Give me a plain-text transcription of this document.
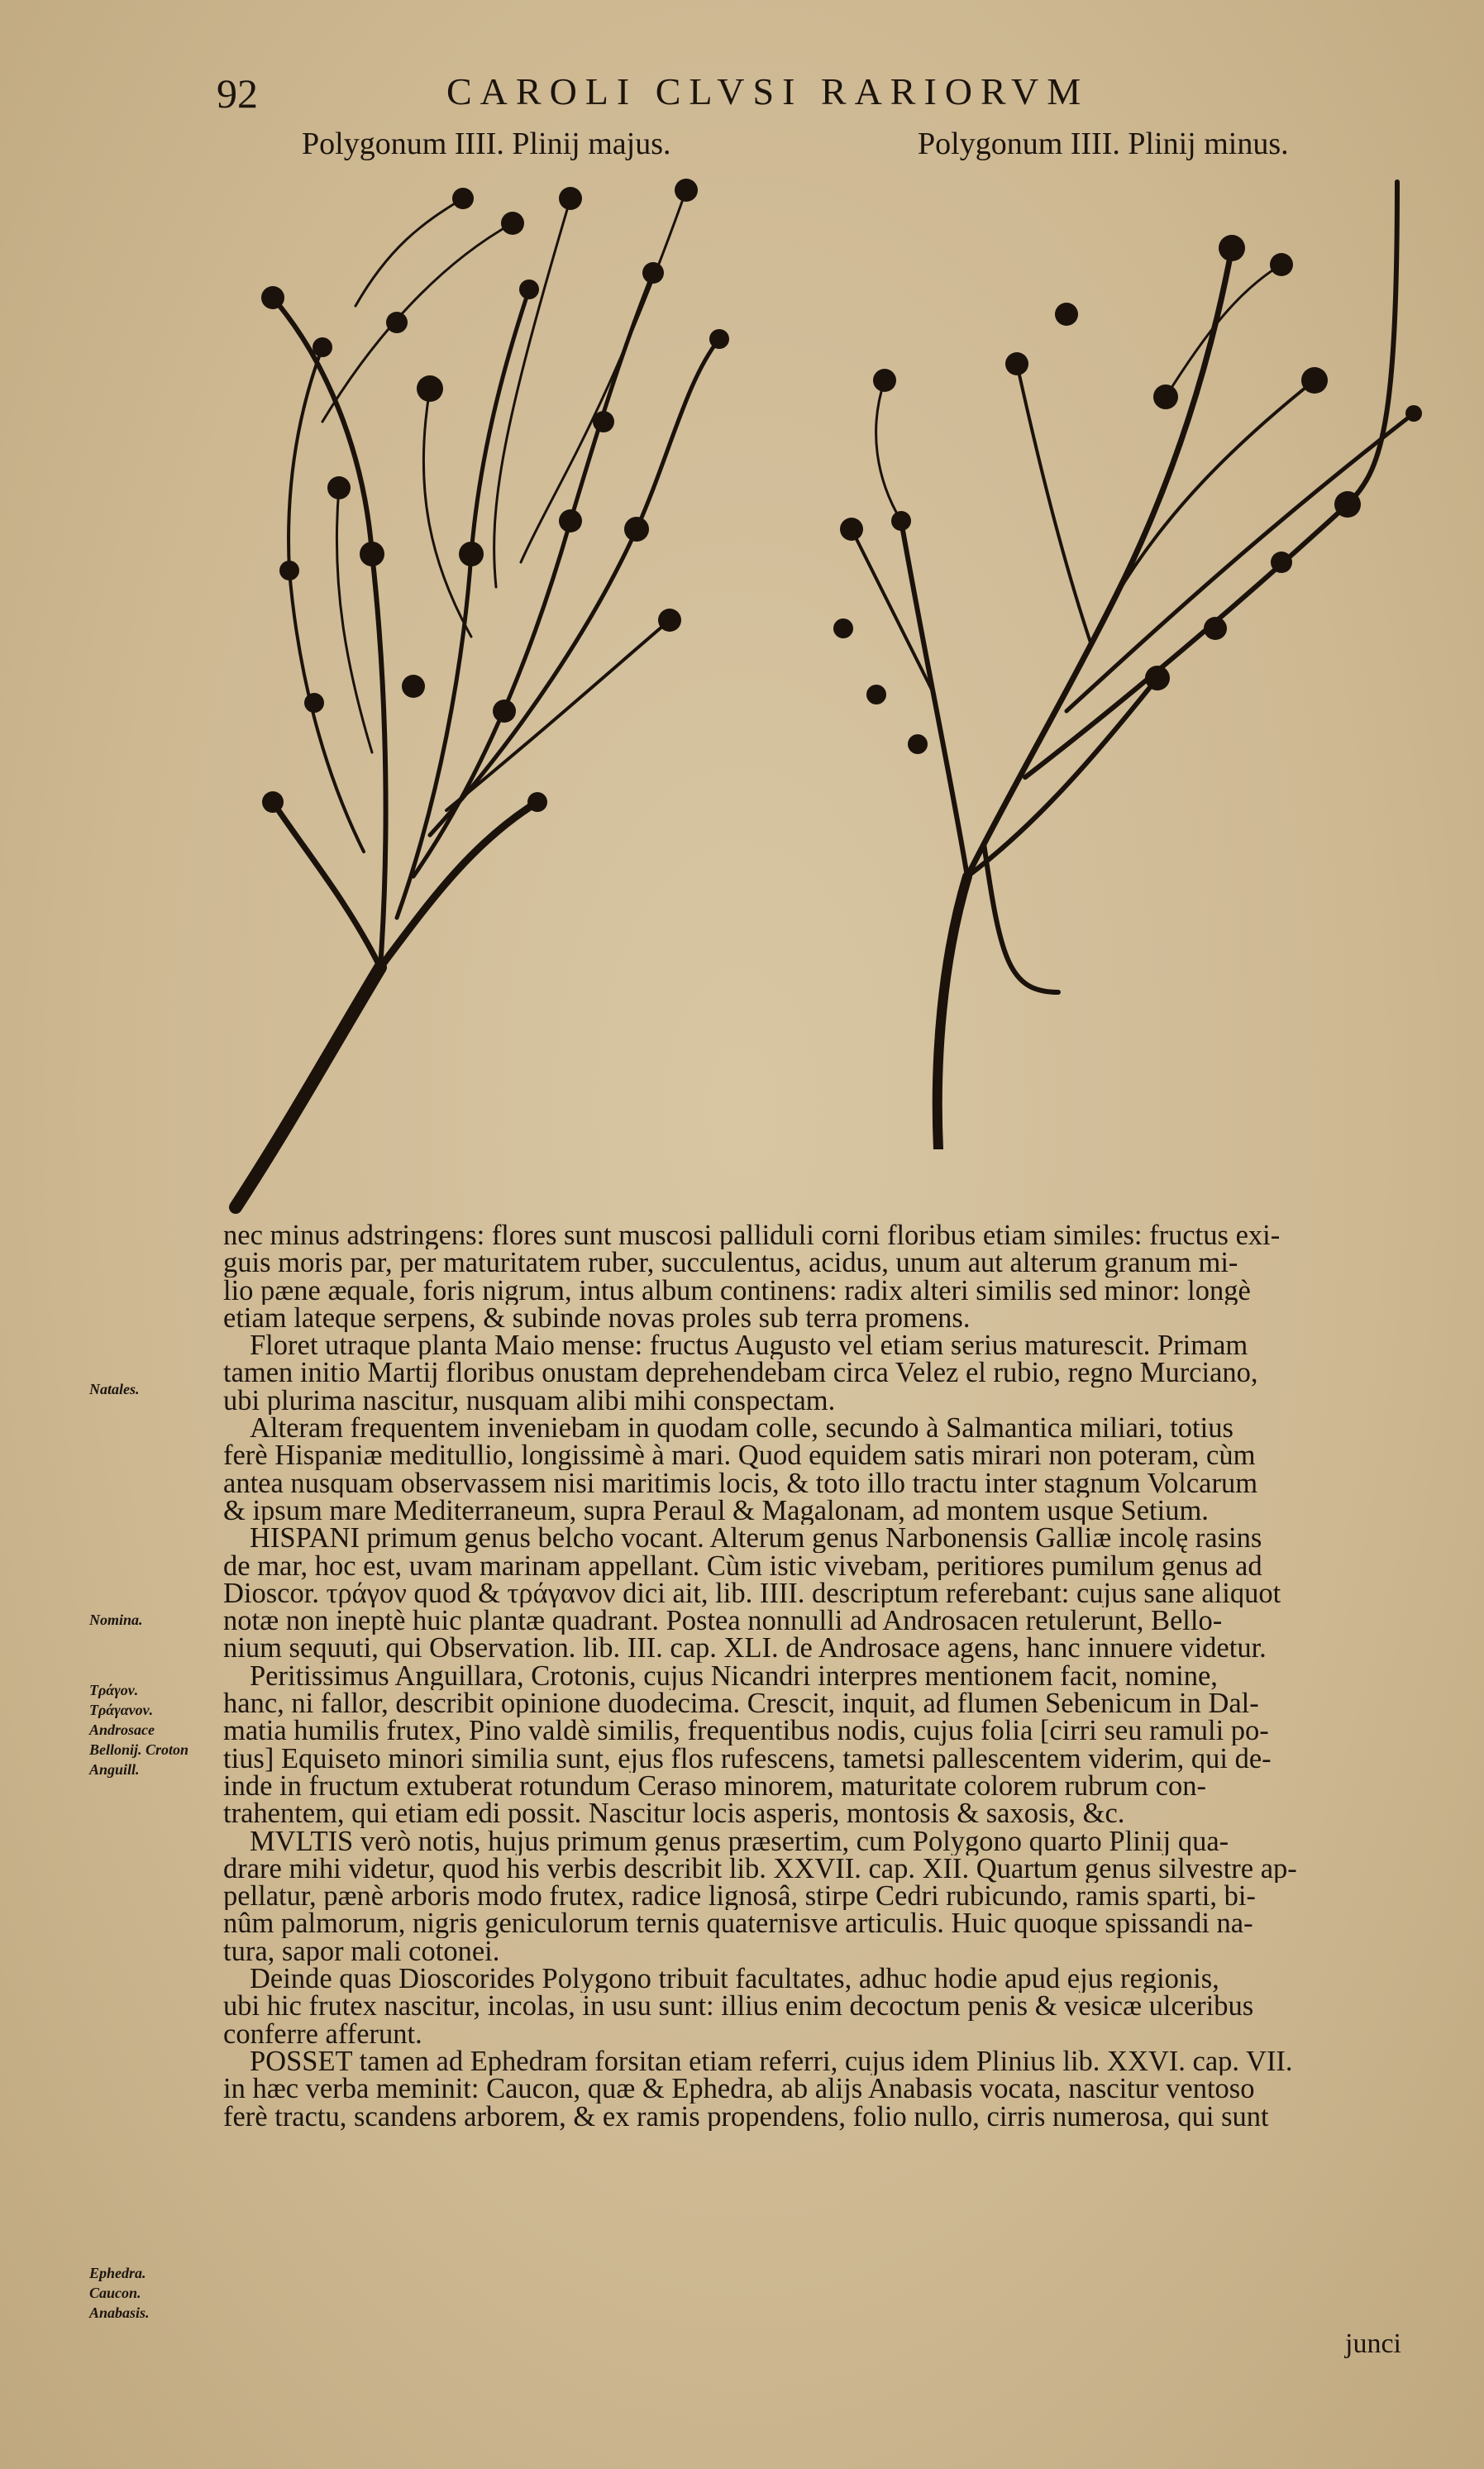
92	CAROLI CLVSI RARIORVM
Polygonum IIII. Plinij majus.	Polygonum IIII. Plinij minus.
Natales.
Nomina.
Τράγον. Τράγανον. Androsace Bellonij. Croton Anguill.
Ephedra. Caucon. Anabasis.
nec minus adstringens: flores sunt muscosi palliduli corni floribus etiam similes: fructus exi-
guis moris par, per maturitatem ruber, succulentus, acidus, unum aut alterum granum mi-
lio pæne æquale, foris nigrum, intus album continens: radix alteri similis sed minor: longè
etiam lateque serpens, & subinde novas proles sub terra promens.
Floret utraque planta Maio mense: fructus Augusto vel etiam serius maturescit. Primam
tamen initio Martij floribus onustam deprehendebam circa Velez el rubio, regno Murciano,
ubi plurima nascitur, nusquam alibi mihi conspectam.
Alteram frequentem inveniebam in quodam colle, secundo à Salmantica miliari, totius
ferè Hispaniæ meditullio, longissimè à mari. Quod equidem satis mirari non poteram, cùm
antea nusquam observassem nisi maritimis locis, & toto illo tractu inter stagnum Volcarum
& ipsum mare Mediterraneum, supra Peraul & Magalonam, ad montem usque Setium.
HISPANI primum genus belcho vocant. Alterum genus Narbonensis Galliæ incolę rasins
de mar, hoc est, uvam marinam appellant. Cùm istic vivebam, peritiores pumilum genus ad
Dioscor. τράγον quod & τράγανον dici ait, lib. IIII. descriptum referebant: cujus sane aliquot
notæ non ineptè huic plantæ quadrant. Postea nonnulli ad Androsacen retulerunt, Bello-
nium sequuti, qui Observation. lib. III. cap. XLI. de Androsace agens, hanc innuere videtur.
Peritissimus Anguillara, Crotonis, cujus Nicandri interpres mentionem facit, nomine,
hanc, ni fallor, describit opinione duodecima. Crescit, inquit, ad flumen Sebenicum in Dal-
matia humilis frutex, Pino valdè similis, frequentibus nodis, cujus folia [cirri seu ramuli po-
tius] Equiseto minori similia sunt, ejus flos rufescens, tametsi pallescentem viderim, qui de-
inde in fructum extuberat rotundum Ceraso minorem, maturitate colorem rubrum con-
trahentem, qui etiam edi possit. Nascitur locis asperis, montosis & saxosis, &c.
MVLTIS verò notis, hujus primum genus præsertim, cum Polygono quarto Plinij qua-
drare mihi videtur, quod his verbis describit lib. XXVII. cap. XII. Quartum genus silvestre ap-
pellatur, pænè arboris modo frutex, radice lignosâ, stirpe Cedri rubicundo, ramis sparti, bi-
nûm palmorum, nigris geniculorum ternis quaternisve articulis. Huic quoque spissandi na-
tura, sapor mali cotonei.
Deinde quas Dioscorides Polygono tribuit facultates, adhuc hodie apud ejus regionis,
ubi hic frutex nascitur, incolas, in usu sunt: illius enim decoctum penis & vesicæ ulceribus
conferre afferunt.
POSSET tamen ad Ephedram forsitan etiam referri, cujus idem Plinius lib. XXVI. cap. VII.
in hæc verba meminit: Caucon, quæ & Ephedra, ab alijs Anabasis vocata, nascitur ventoso
ferè tractu, scandens arborem, & ex ramis propendens, folio nullo, cirris numerosa, qui sunt
junci
